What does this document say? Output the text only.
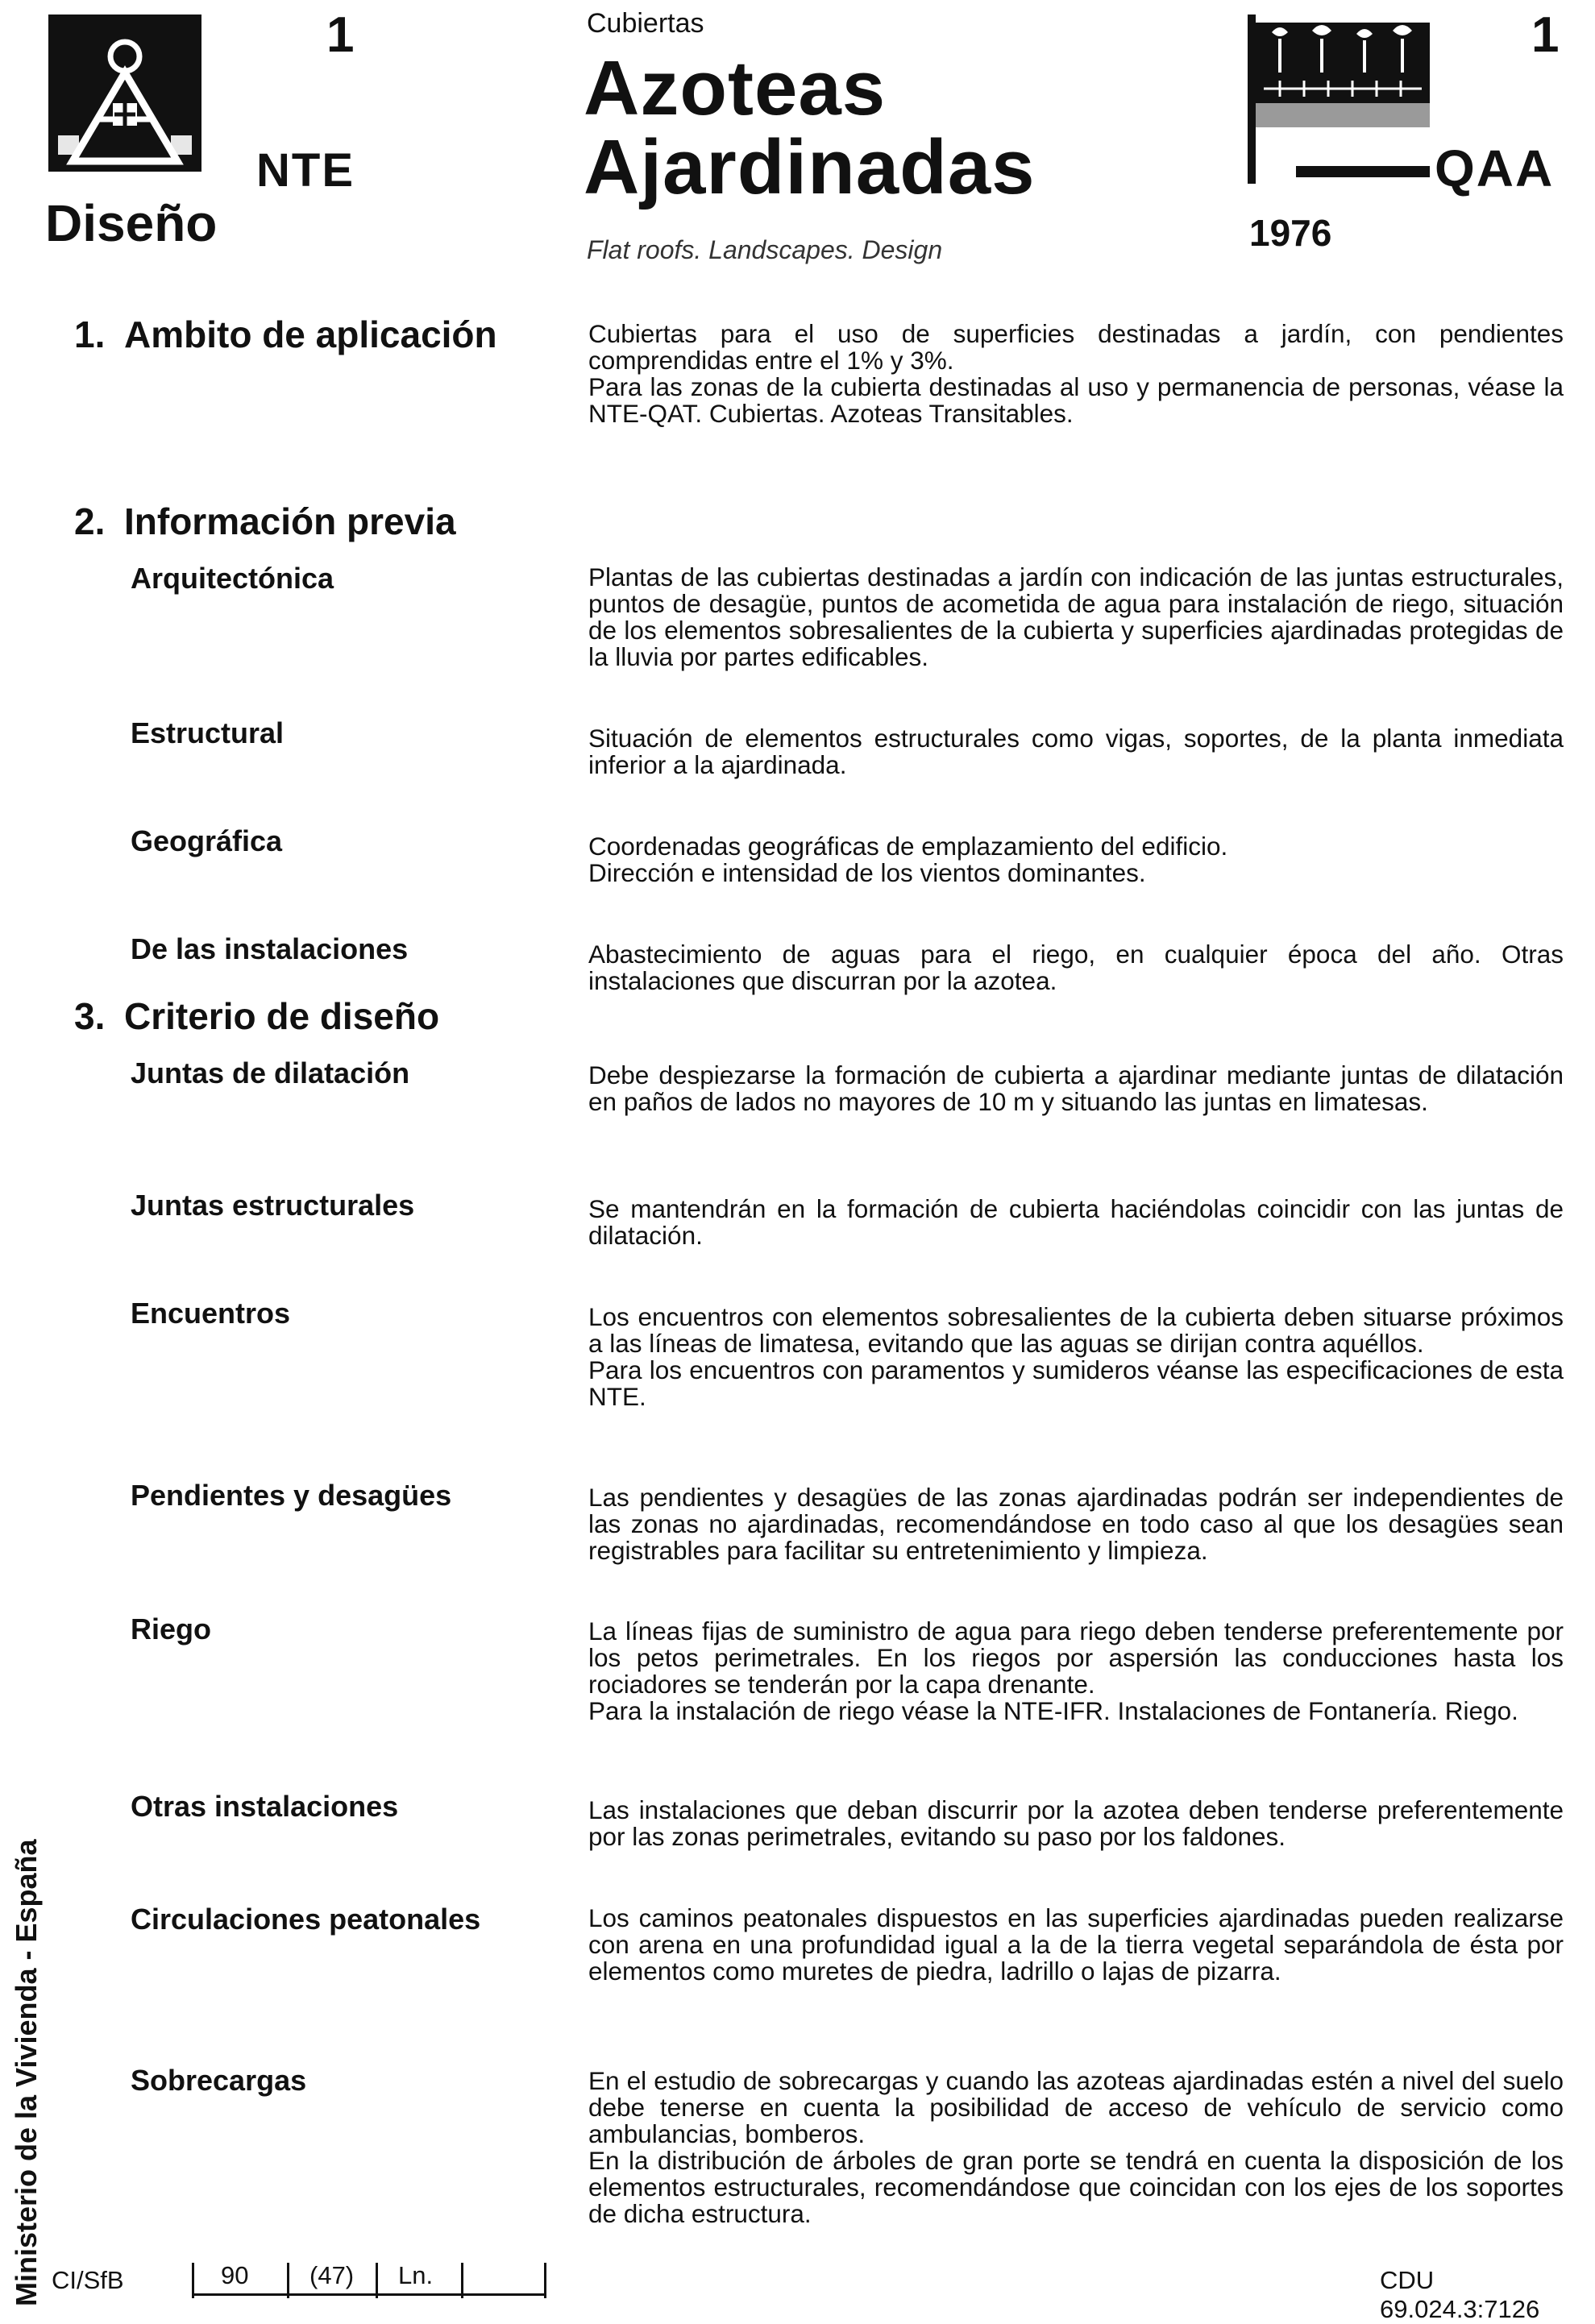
1
NTE
Diseño
Cubiertas
Azoteas
Ajardinadas
Flat roofs. Landscapes. Design
1
QAA
1976
1. Ambito de aplicación	Cubiertas para el uso de superficies destinadas a jardín, con pendientes comprendidas entre el 1% y 3%.

Para las zonas de la cubierta destinadas al uso y permanencia de personas, véase la NTE-QAT. Cubiertas. Azoteas Transitables.

2. Información previa
Arquitectónica	Plantas de las cubiertas destinadas a jardín con indicación de las juntas estructurales, puntos de desagüe, puntos de acometida de agua para instalación de riego, situación de los elementos sobresalientes de la cubierta y superficies ajardinadas protegidas de la lluvia por partes edificables.

Estructural	Situación de elementos estructurales como vigas, soportes, de la planta inmediata inferior a la ajardinada.

Geográfica	Coordenadas geográficas de emplazamiento del edificio.

Dirección e intensidad de los vientos dominantes.

De las instalaciones	Abastecimiento de aguas para el riego, en cualquier época del año. Otras instalaciones que discurran por la azotea.

3. Criterio de diseño
Juntas de dilatación	Debe despiezarse la formación de cubierta a ajardinar mediante juntas de dilatación en paños de lados no mayores de 10 m y situando las juntas en limatesas.

Juntas estructurales	Se mantendrán en la formación de cubierta haciéndolas coincidir con las juntas de dilatación.

Encuentros	Los encuentros con elementos sobresalientes de la cubierta deben situarse próximos a las líneas de limatesa, evitando que las aguas se dirijan contra aquéllos.

Para los encuentros con paramentos y sumideros véanse las especificaciones de esta NTE.

Pendientes y desagües	Las pendientes y desagües de las zonas ajardinadas podrán ser independientes de las zonas no ajardinadas, recomendándose en todo caso al que los desagües sean registrables para facilitar su entretenimiento y limpieza.

Riego	La líneas fijas de suministro de agua para riego deben tenderse preferentemente por los petos perimetrales. En los riegos por aspersión las conducciones hasta los rociadores se tenderán por la capa drenante.

Para la instalación de riego véase la NTE-IFR. Instalaciones de Fontanería. Riego.

Otras instalaciones	Las instalaciones que deban discurrir por la azotea deben tenderse preferentemente por las zonas perimetrales, evitando su paso por los faldones.

Circulaciones peatonales	Los caminos peatonales dispuestos en las superficies ajardinadas pueden realizarse con arena en una profundidad igual a la de la tierra vegetal separándola de ésta por elementos como muretes de piedra, ladrillo o lajas de pizarra.

Sobrecargas	En el estudio de sobrecargas y cuando las azoteas ajardinadas estén a nivel del suelo debe tenerse en cuenta la posibilidad de acceso de vehículo de servicio como ambulancias, bomberos.

En la distribución de árboles de gran porte se tendrá en cuenta la disposición de los elementos estructurales, recomendándose que coincidan con los ejes de los soportes de dicha estructura.

Ministerio de la Vivienda - España CI/SfB	90 (47) Ln.	CDU 69.024.3:7126
